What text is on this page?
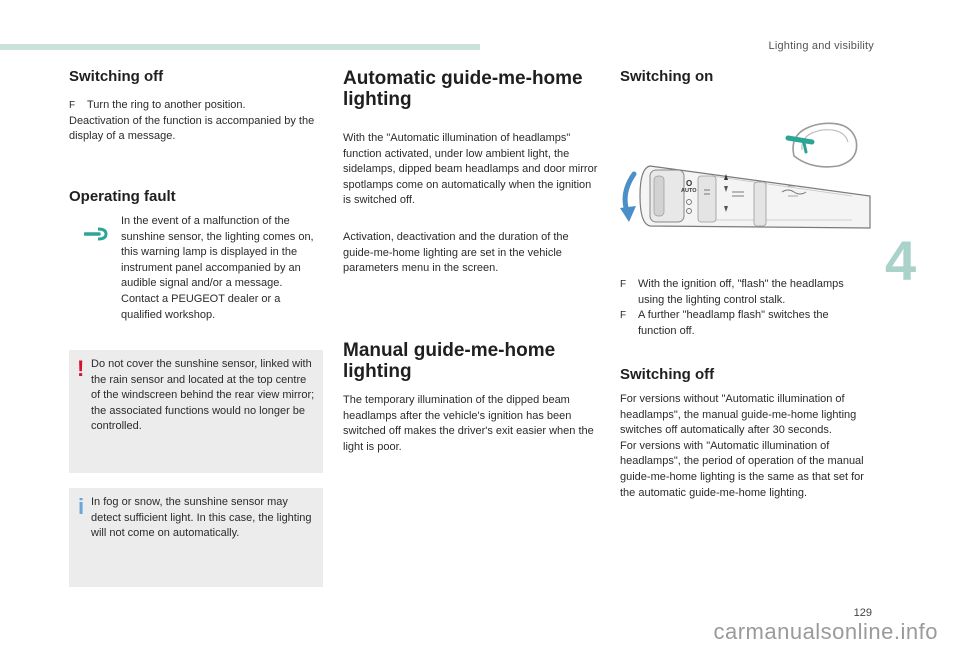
Lighting and visibility
4
Switching off

F Turn the ring to another position.

Deactivation of the function is accompanied by the display of a message.

Operating fault

In the event of a malfunction of the sunshine sensor, the lighting comes on, this warning lamp is displayed in the instrument panel accompanied by an audible signal and/or a message.

Contact a PEUGEOT dealer or a qualified workshop.

! Do not cover the sunshine sensor, linked with the rain sensor and located at the top centre of the windscreen behind the rear view mirror; the associated functions would no longer be controlled.

i In fog or snow, the sunshine sensor may detect sufficient light. In this case, the lighting will not come on automatically.

Automatic guide-me-home lighting

With the "Automatic illumination of headlamps" function activated, under low ambient light, the sidelamps, dipped beam headlamps and door mirror spotlamps come on automatically when the ignition is switched off.

Activation, deactivation and the duration of the guide-me-home lighting are set in the vehicle parameters menu in the screen.

Manual guide-me-home lighting

The temporary illumination of the dipped beam headlamps after the vehicle's ignition has been switched off makes the driver's exit easier when the light is poor.

Switching on
O
AUTO

F With the ignition off, "flash" the headlamps using the lighting control stalk.

F A further "headlamp flash" switches the function off.

Switching off

For versions without "Automatic illumination of headlamps", the manual guide-me-home lighting switches off automatically after 30 seconds.

For versions with "Automatic illumination of headlamps", the period of operation of the manual guide-me-home lighting is the same as that set for the automatic guide-me-home lighting.

129
carmanualsonline.info
